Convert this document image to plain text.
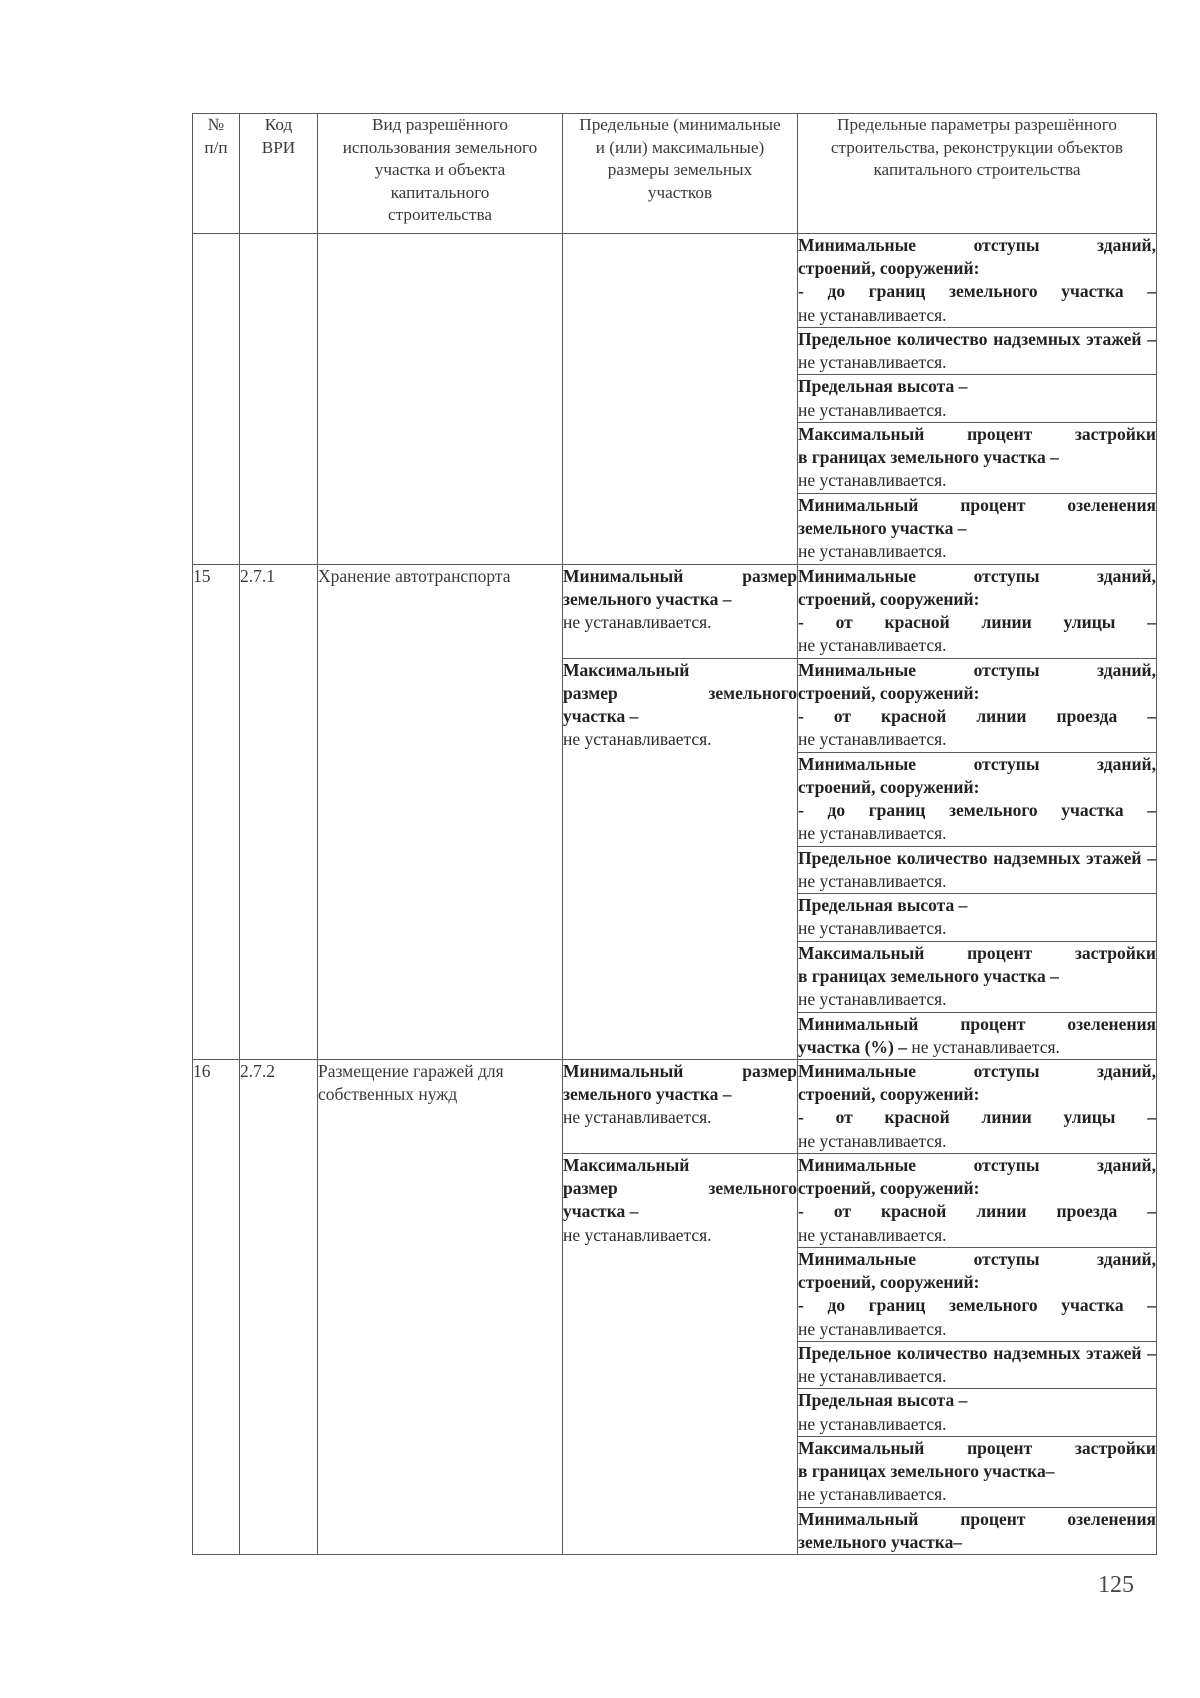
№ п/п	Код ВРИ	Вид разрешённого использования земельного участка и объекта капитального строительства	Предельные (минимальные и (или) максимальные) размеры земельных участков	Предельные параметры разрешённого строительства, реконструкции объектов капитального строительства

				Минимальные отступы зданий,
строений, сооружений:
- до границ земельного участка –
не устанавливается.

				Предельное количество надземных этажей – не устанавливается.

				Предельная высота –
не устанавливается.

				Максимальный процент застройки
в границах земельного участка –
не устанавливается.

				Минимальный процент озеленения
земельного участка –
не устанавливается.

15	2.7.1	Хранение автотранспорта	Минимальный размер
земельного участка –
не устанавливается.	Минимальные отступы зданий,
строений, сооружений:
- от красной линии улицы –
не устанавливается.

			Максимальный
размер земельного
участка –
не устанавливается.	Минимальные отступы зданий,
строений, сооружений:
- от красной линии проезда –
не устанавливается.

				Минимальные отступы зданий,
строений, сооружений:
- до границ земельного участка –
не устанавливается.

				Предельное количество надземных этажей – не устанавливается.

				Предельная высота –
не устанавливается.

				Максимальный процент застройки
в границах земельного участка –
не устанавливается.

				Минимальный процент озеленения
участка (%) – не устанавливается.

16	2.7.2	Размещение гаражей для собственных нужд	Минимальный размер
земельного участка –
не устанавливается.	Минимальные отступы зданий,
строений, сооружений:
- от красной линии улицы –
не устанавливается.

			Максимальный
размер земельного
участка –
не устанавливается.	Минимальные отступы зданий,
строений, сооружений:
- от красной линии проезда –
не устанавливается.

				Минимальные отступы зданий,
строений, сооружений:
- до границ земельного участка –
не устанавливается.

				Предельное количество надземных этажей – не устанавливается.

				Предельная высота –
не устанавливается.

				Максимальный процент застройки
в границах земельного участка–
не устанавливается.

				Минимальный процент озеленения
земельного участка–
125
